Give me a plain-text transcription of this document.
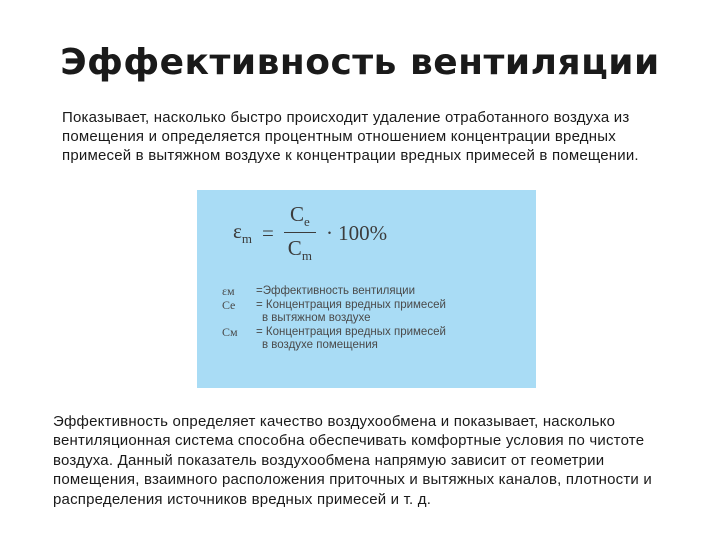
Эффективность вентиляции
Показывает, насколько быстро происходит удаление отработанного воздуха из помещения и определяется процентным отношением концентрации вредных примесей в вытяжном воздухе к концентрации вредных примесей в помещении.
$\varepsilon_m = \frac{C_e}{C_m} \cdot 100\%$
εм	=Эффективность вентиляции
Сe	= Концентрация вредных примесей
в вытяжном воздухе
Cм	= Концентрация вредных примесей
в воздухе помещения
Эффективность определяет качество воздухообмена и показывает, насколько вентиляционная система способна обеспечивать комфортные условия по чистоте воздуха. Данный показатель воздухообмена напрямую зависит от геометрии помещения, взаимного расположения приточных и вытяжных каналов, плотности и распределения источников вредных примесей и т. д.
